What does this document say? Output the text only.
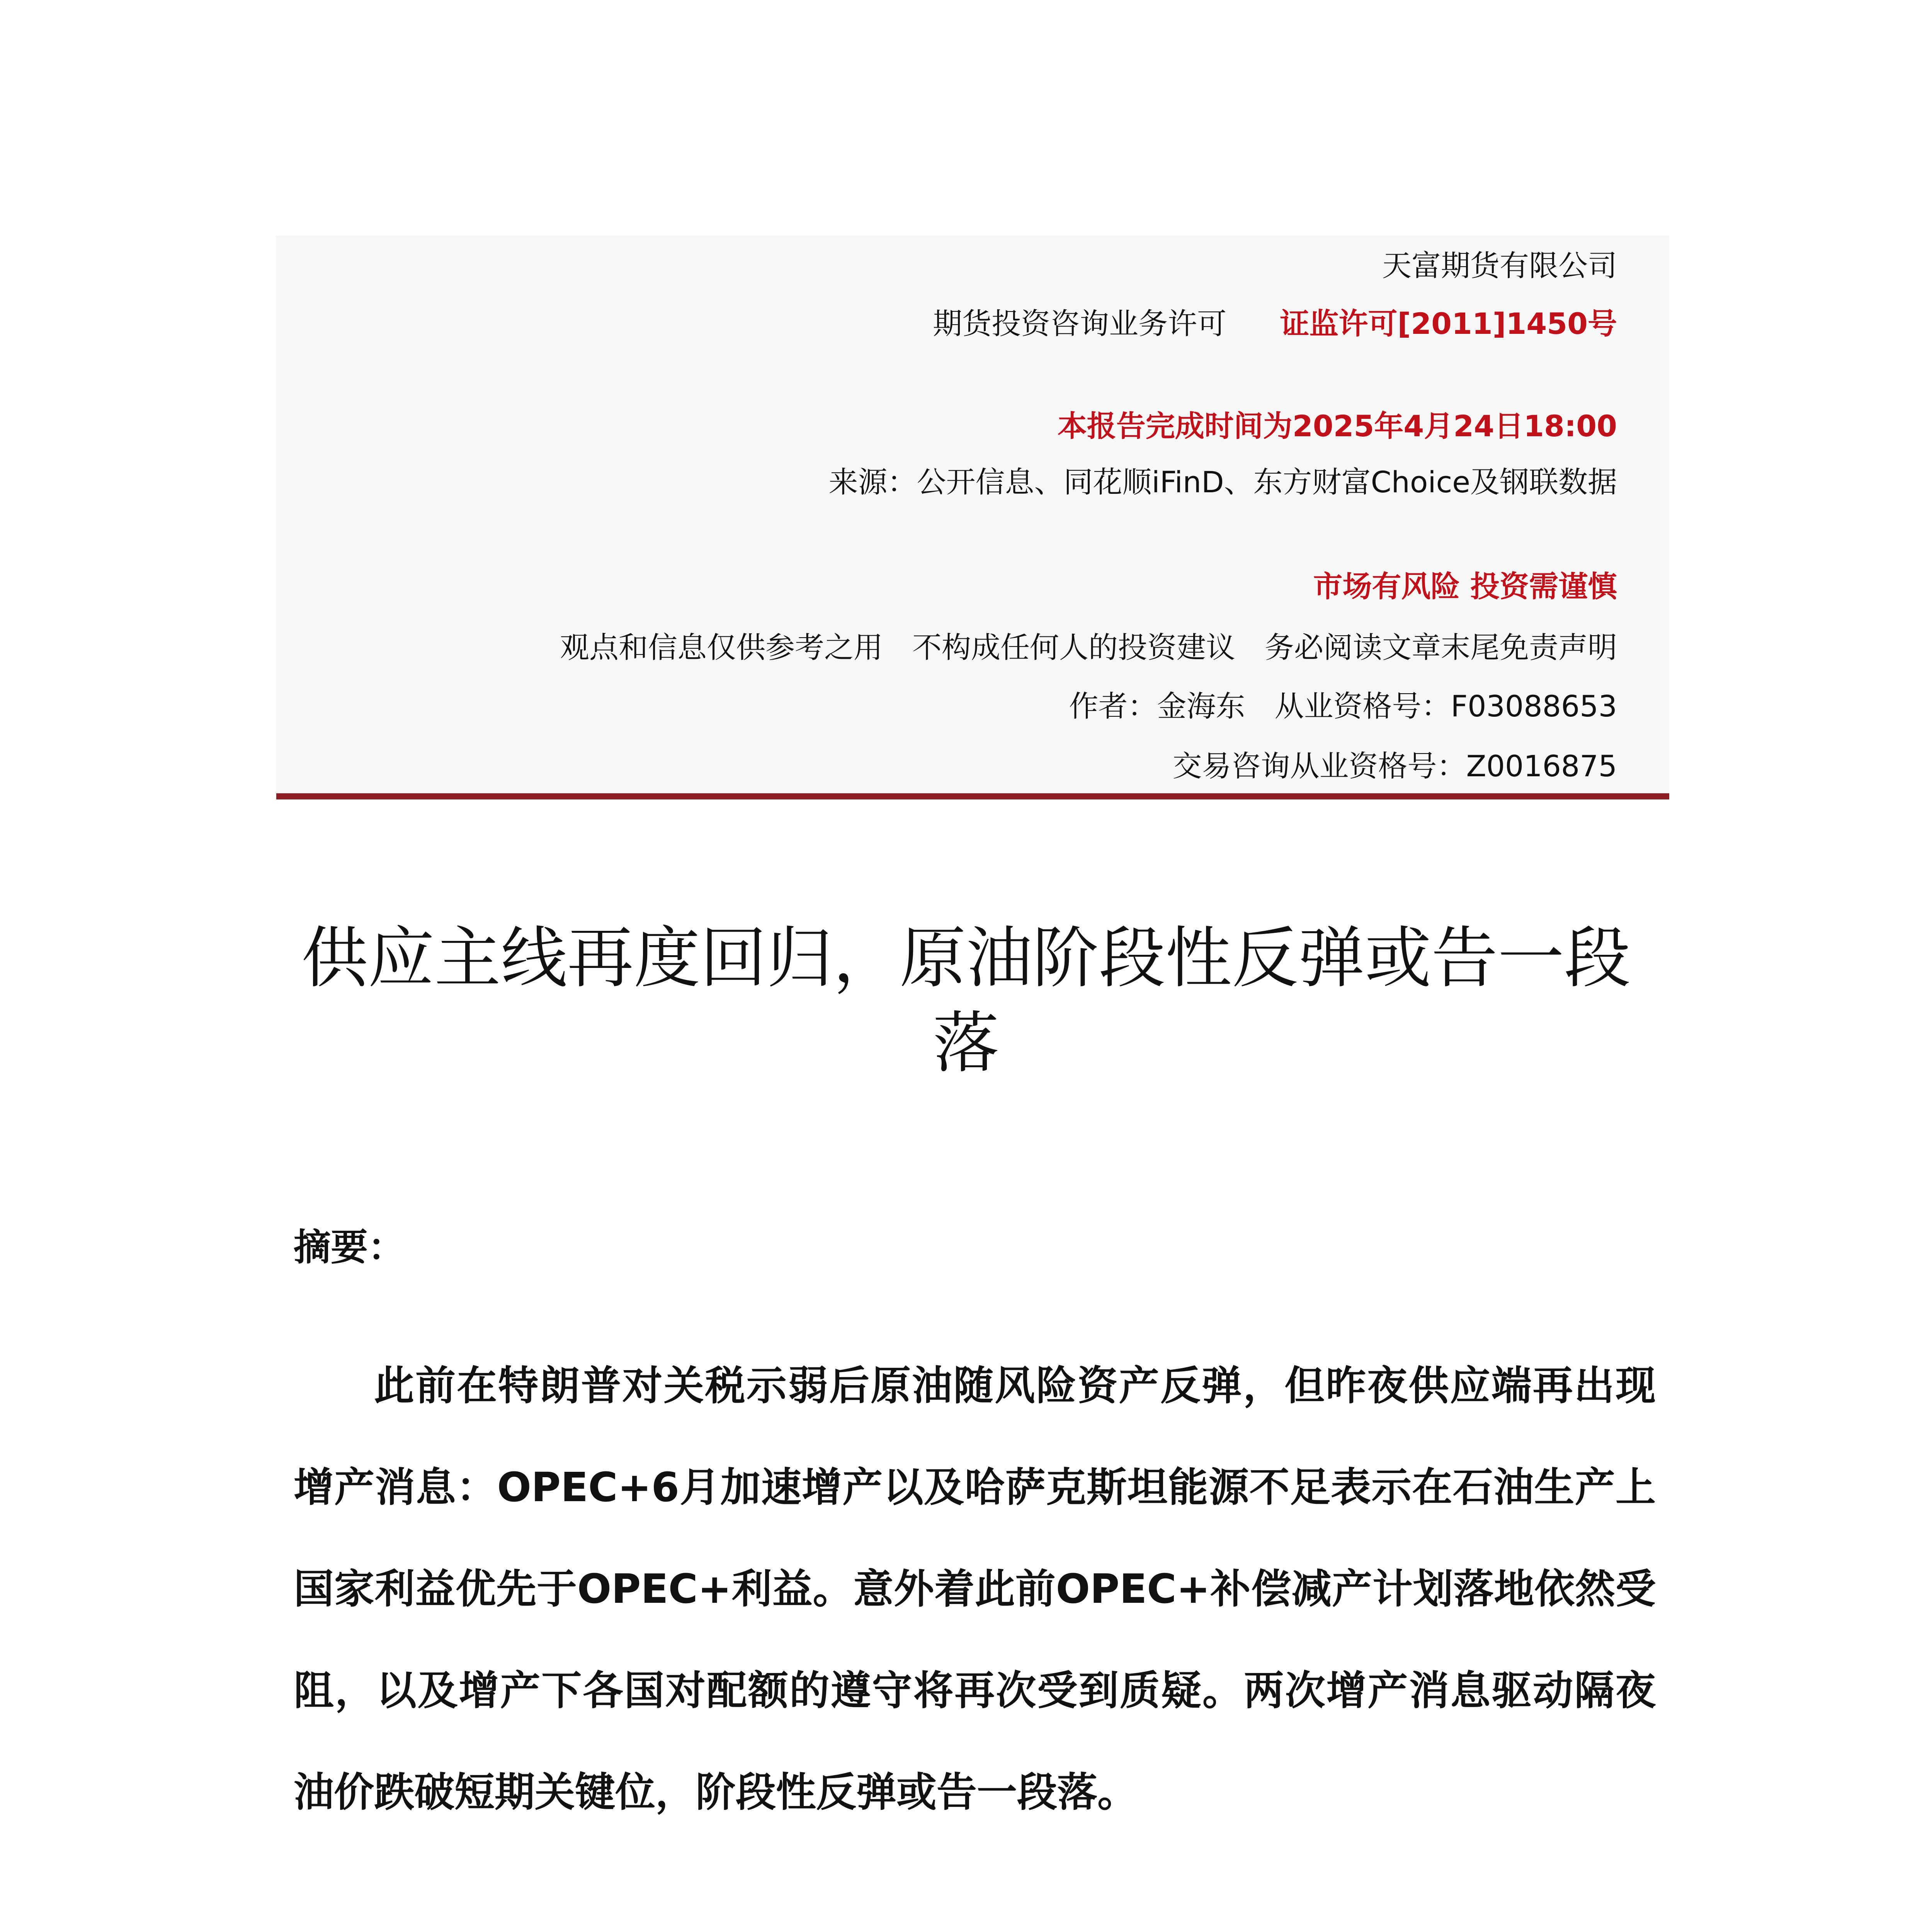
天富期货有限公司
期货投资咨询业务许可 证监许可[2011]1450号
本报告完成时间为2025年4月24日18:00
来源：公开信息、同花顺iFinD、东方财富Choice及钢联数据
市场有风险 投资需谨慎
观点和信息仅供参考之用　不构成任何人的投资建议　务必阅读文章末尾免责声明
作者：金海东　从业资格号：F03088653
交易咨询从业资格号：Z0016875
供应主线再度回归，原油阶段性反弹或告一段落
摘要：

此前在特朗普对关税示弱后原油随风险资产反弹，但昨夜供应端再出现增产消息：OPEC+6月加速增产以及哈萨克斯坦能源不足表示在石油生产上国家利益优先于OPEC+利益。意外着此前OPEC+补偿减产计划落地依然受阻，以及增产下各国对配额的遵守将再次受到质疑。两次增产消息驱动隔夜油价跌破短期关键位，阶段性反弹或告一段落。
